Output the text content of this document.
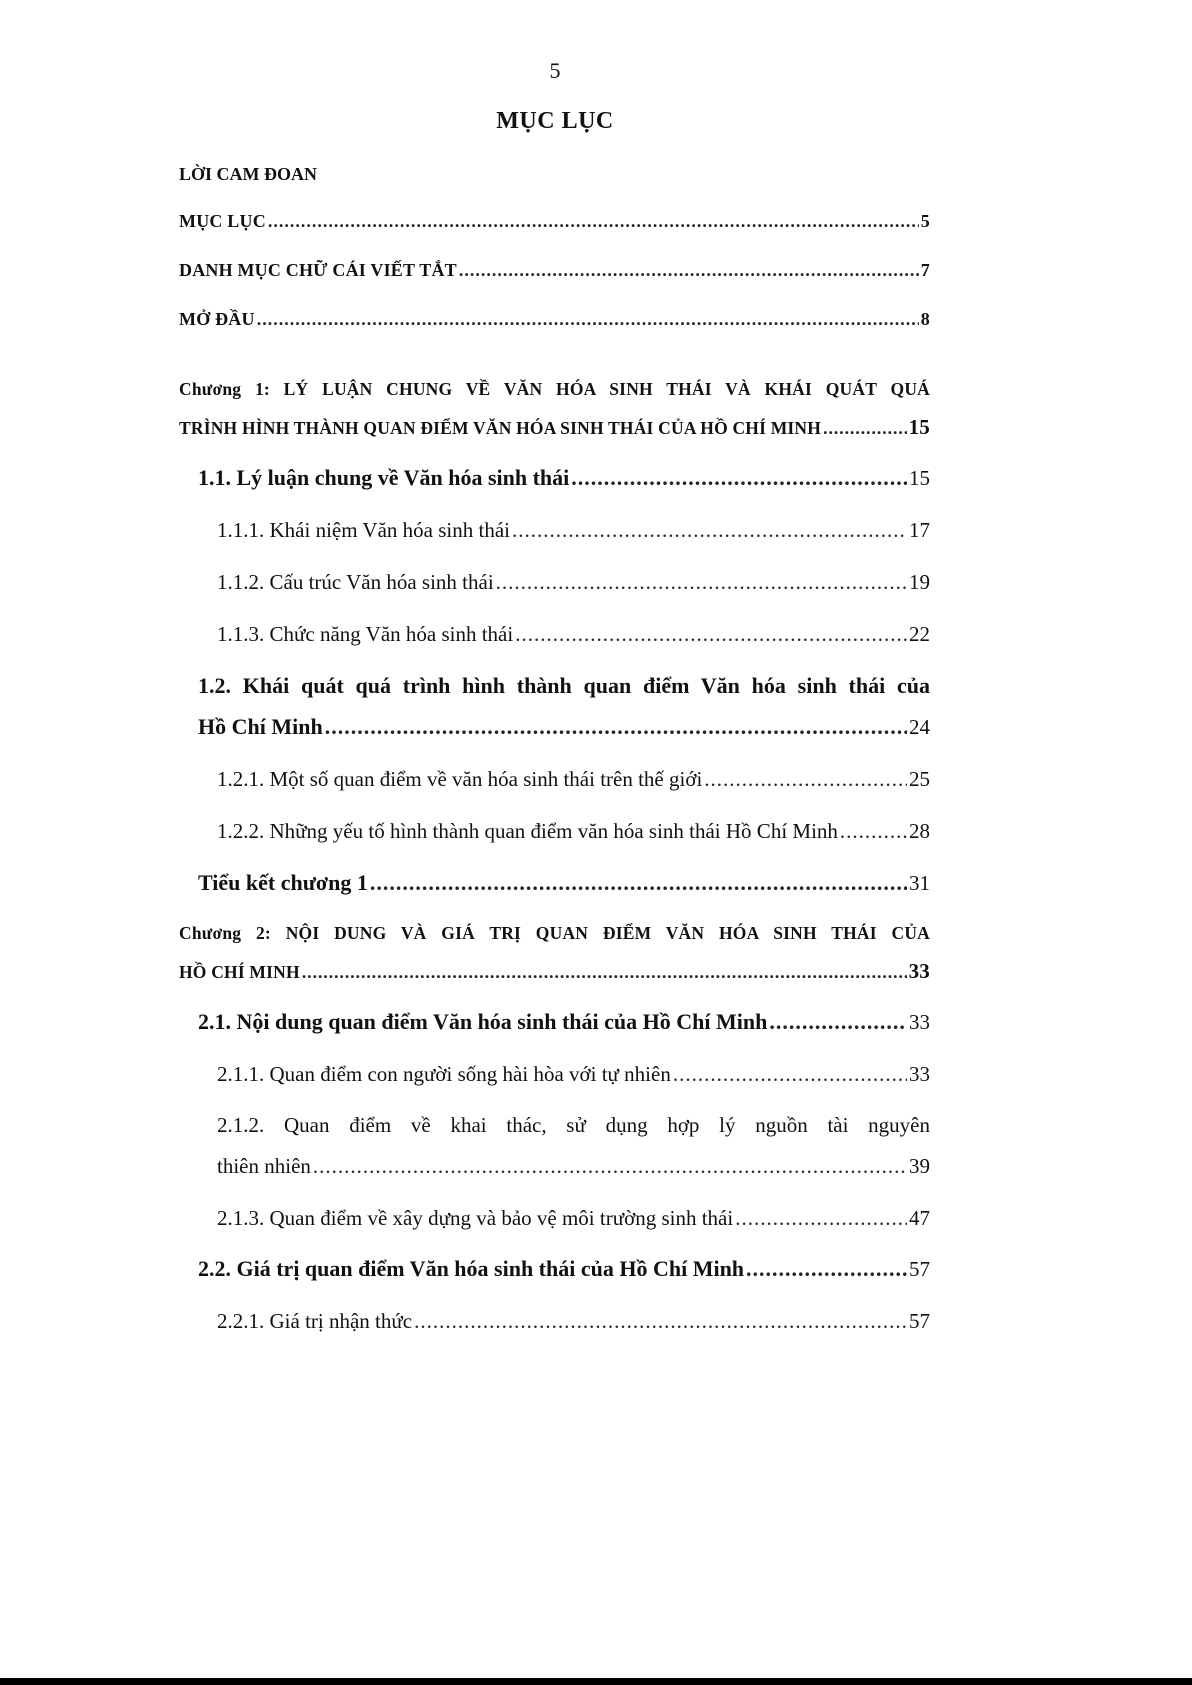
5
MỤC LỤC
LỜI CAM ĐOAN
MỤC LỤC .....	5
DANH MỤC CHỮ CÁI VIẾT TẮT .....	7
MỞ ĐẦU .....	8
Chương 1: LÝ LUẬN CHUNG VỀ VĂN HÓA SINH THÁI VÀ KHÁI QUÁT QUÁ
TRÌNH HÌNH THÀNH QUAN ĐIỂM VĂN HÓA SINH THÁI CỦA HỒ CHÍ MINH .....	15
1.1. Lý luận chung về Văn hóa sinh thái .....	15
1.1.1. Khái niệm Văn hóa sinh thái .....	17
1.1.2. Cấu trúc Văn hóa sinh thái .....	19
1.1.3. Chức năng Văn hóa sinh thái .....	22
1.2. Khái quát quá trình hình thành quan điểm Văn hóa sinh thái của
Hồ Chí Minh .....	24
1.2.1. Một số quan điểm về văn hóa sinh thái trên thế giới .....	25
1.2.2. Những yếu tố hình thành quan điểm văn hóa sinh thái Hồ Chí Minh .....	28
Tiểu kết chương 1 .....	31
Chương 2: NỘI DUNG VÀ GIÁ TRỊ QUAN ĐIỂM VĂN HÓA SINH THÁI CỦA
HỒ CHÍ MINH .....	33
2.1. Nội dung quan điểm Văn hóa sinh thái của Hồ Chí Minh .....	33
2.1.1. Quan điểm con người sống hài hòa với tự nhiên .....	33
2.1.2. Quan điểm về khai thác, sử dụng hợp lý nguồn tài nguyên
thiên nhiên .....	39
2.1.3. Quan điểm về xây dựng và bảo vệ môi trường sinh thái .....	47
2.2. Giá trị quan điểm Văn hóa sinh thái của Hồ Chí Minh .....	57
2.2.1. Giá trị nhận thức .....	57
